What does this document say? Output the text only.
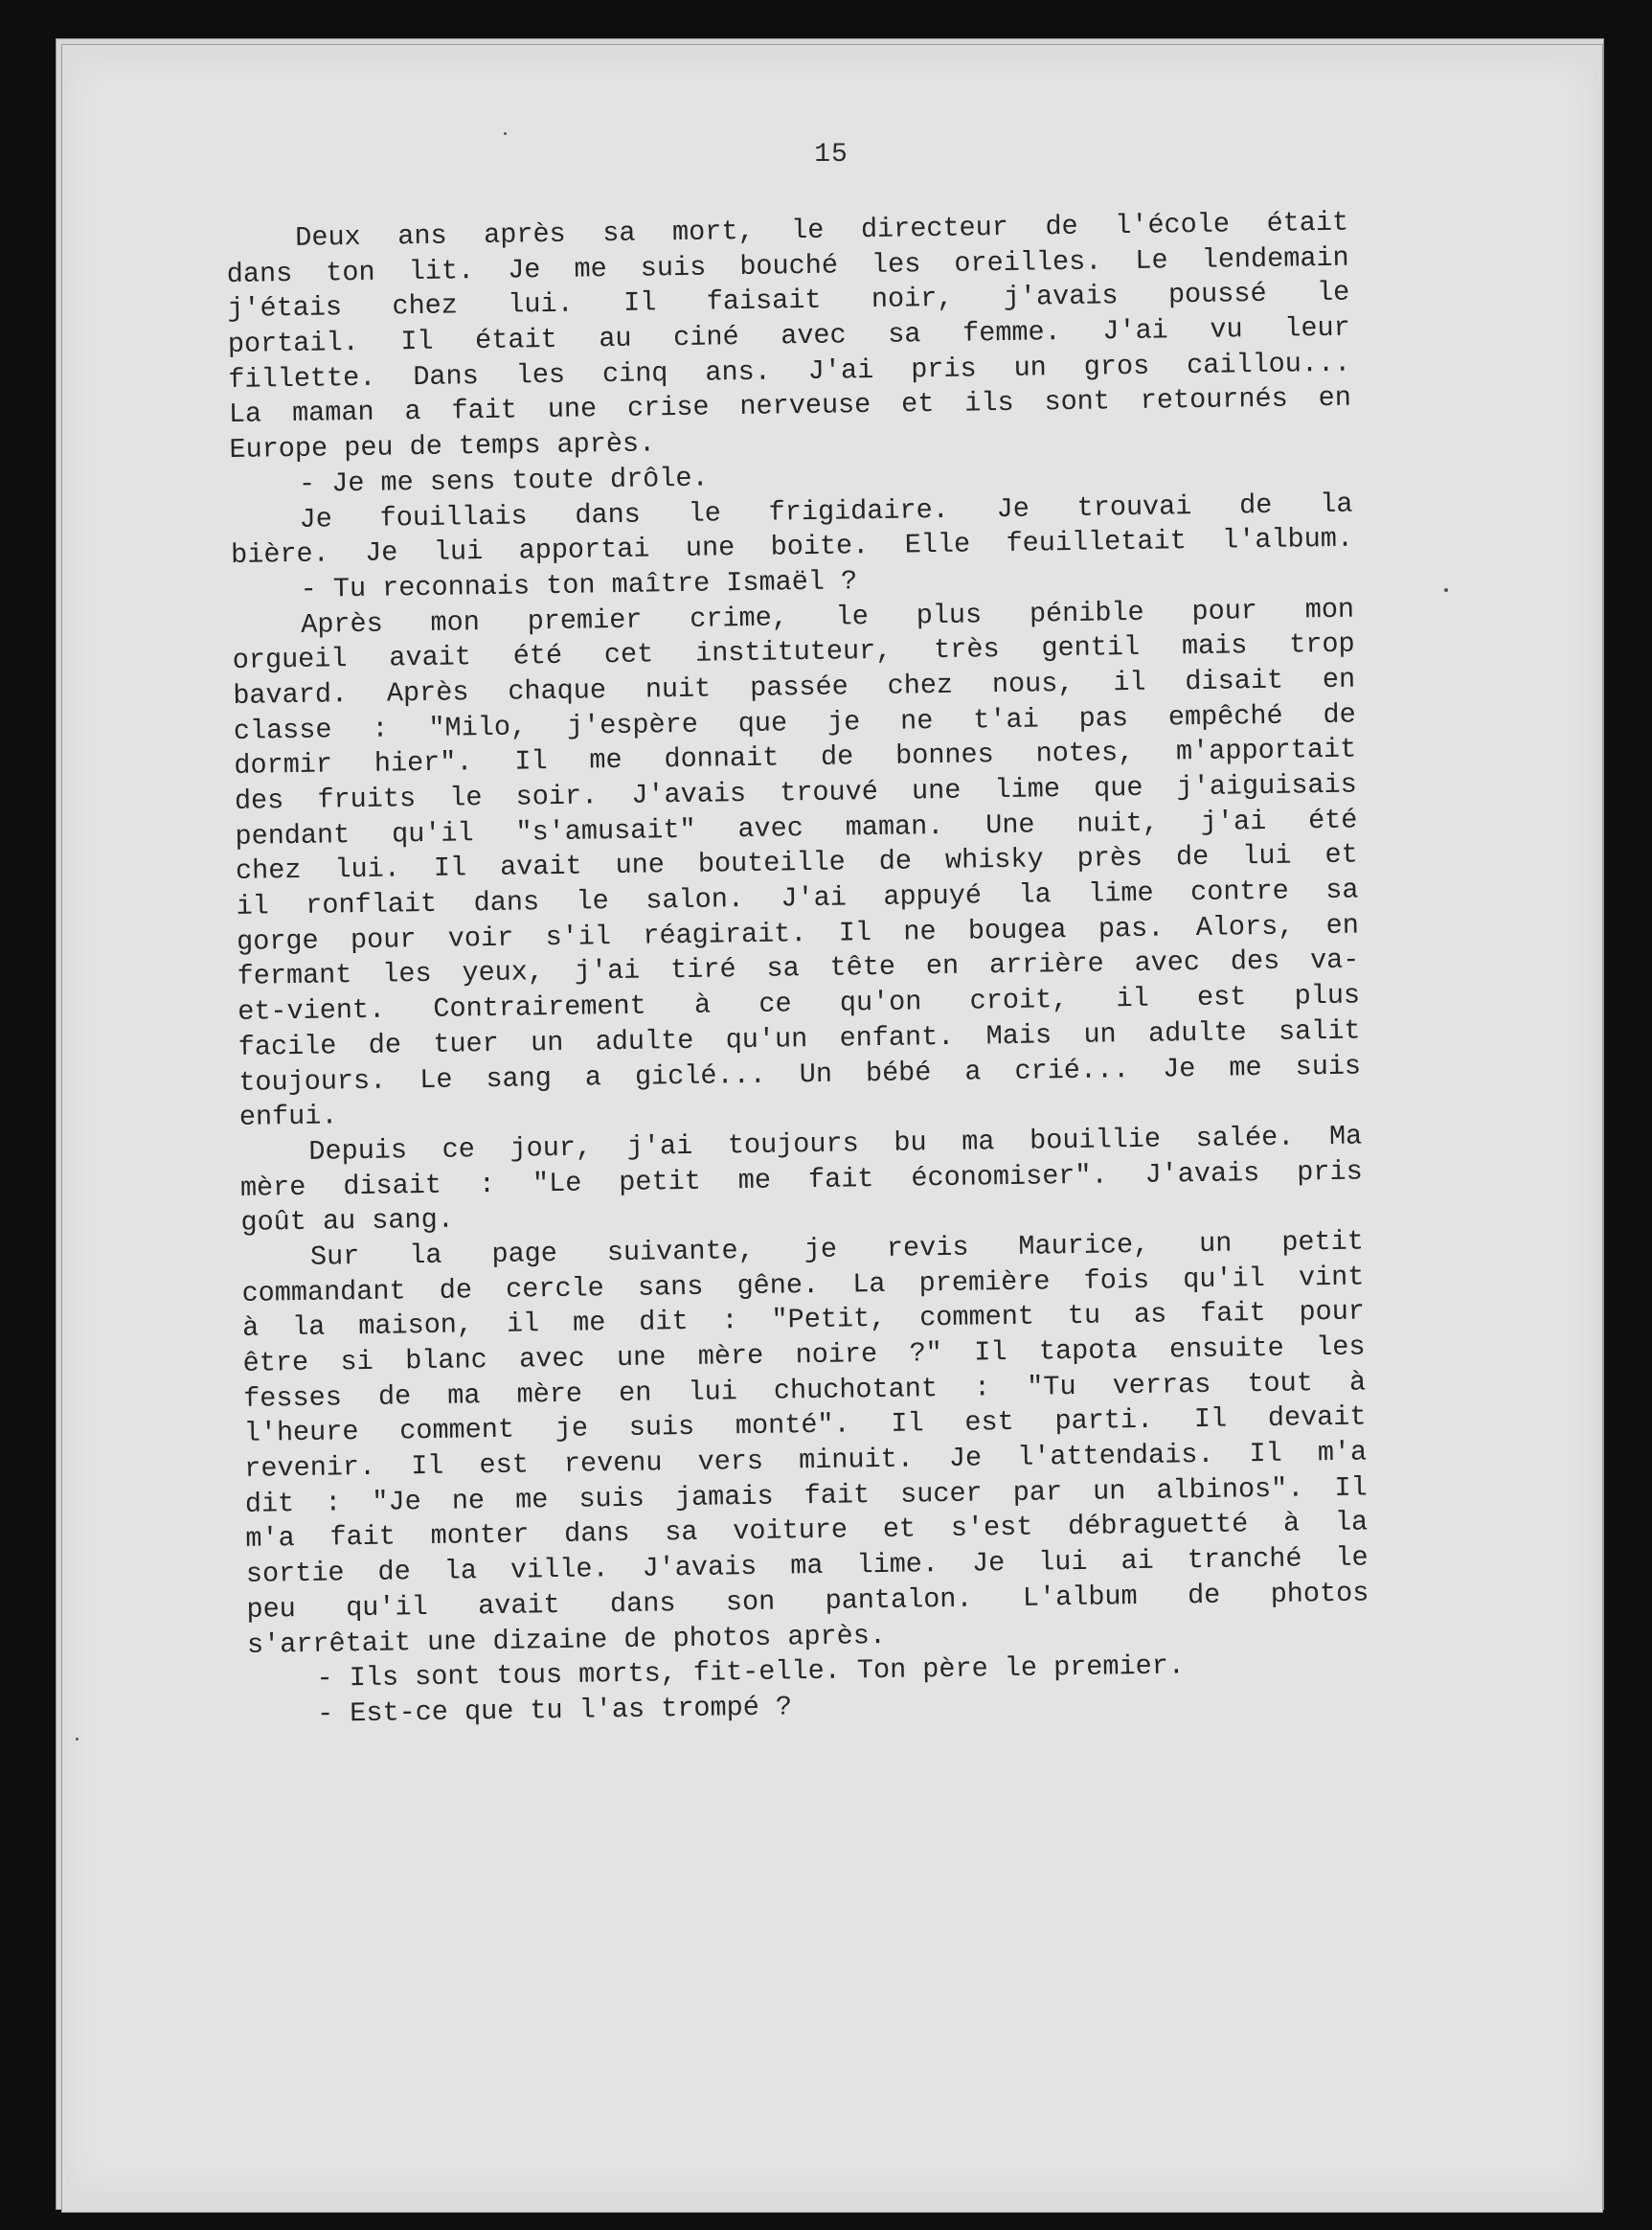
15
Deux ans après sa mort, le directeur de l'école était
dans ton lit. Je me suis bouché les oreilles. Le lendemain
j'étais chez lui. Il faisait noir, j'avais poussé le
portail. Il était au ciné avec sa femme. J'ai vu leur
fillette. Dans les cinq ans. J'ai pris un gros caillou...
La maman a fait une crise nerveuse et ils sont retournés en
Europe peu de temps après.
- Je me sens toute drôle.
Je fouillais dans le frigidaire. Je trouvai de la
bière. Je lui apportai une boite. Elle feuilletait l'album.
- Tu reconnais ton maître Ismaël ?
Après mon premier crime, le plus pénible pour mon
orgueil avait été cet instituteur, très gentil mais trop
bavard. Après chaque nuit passée chez nous, il disait en
classe : "Milo, j'espère que je ne t'ai pas empêché de
dormir hier". Il me donnait de bonnes notes, m'apportait
des fruits le soir. J'avais trouvé une lime que j'aiguisais
pendant qu'il "s'amusait" avec maman. Une nuit, j'ai été
chez lui. Il avait une bouteille de whisky près de lui et
il ronflait dans le salon. J'ai appuyé la lime contre sa
gorge pour voir s'il réagirait. Il ne bougea pas. Alors, en
fermant les yeux, j'ai tiré sa tête en arrière avec des va-
et-vient. Contrairement à ce qu'on croit, il est plus
facile de tuer un adulte qu'un enfant. Mais un adulte salit
toujours. Le sang a giclé... Un bébé a crié... Je me suis
enfui.
Depuis ce jour, j'ai toujours bu ma bouillie salée. Ma
mère disait : "Le petit me fait économiser". J'avais pris
goût au sang.
Sur la page suivante, je revis Maurice, un petit
commandant de cercle sans gêne. La première fois qu'il vint
à la maison, il me dit : "Petit, comment tu as fait pour
être si blanc avec une mère noire ?" Il tapota ensuite les
fesses de ma mère en lui chuchotant : "Tu verras tout à
l'heure comment je suis monté". Il est parti. Il devait
revenir. Il est revenu vers minuit. Je l'attendais. Il m'a
dit : "Je ne me suis jamais fait sucer par un albinos". Il
m'a fait monter dans sa voiture et s'est débraguetté à la
sortie de la ville. J'avais ma lime. Je lui ai tranché le
peu qu'il avait dans son pantalon. L'album de photos
s'arrêtait une dizaine de photos après.
- Ils sont tous morts, fit-elle. Ton père le premier.
- Est-ce que tu l'as trompé ?
